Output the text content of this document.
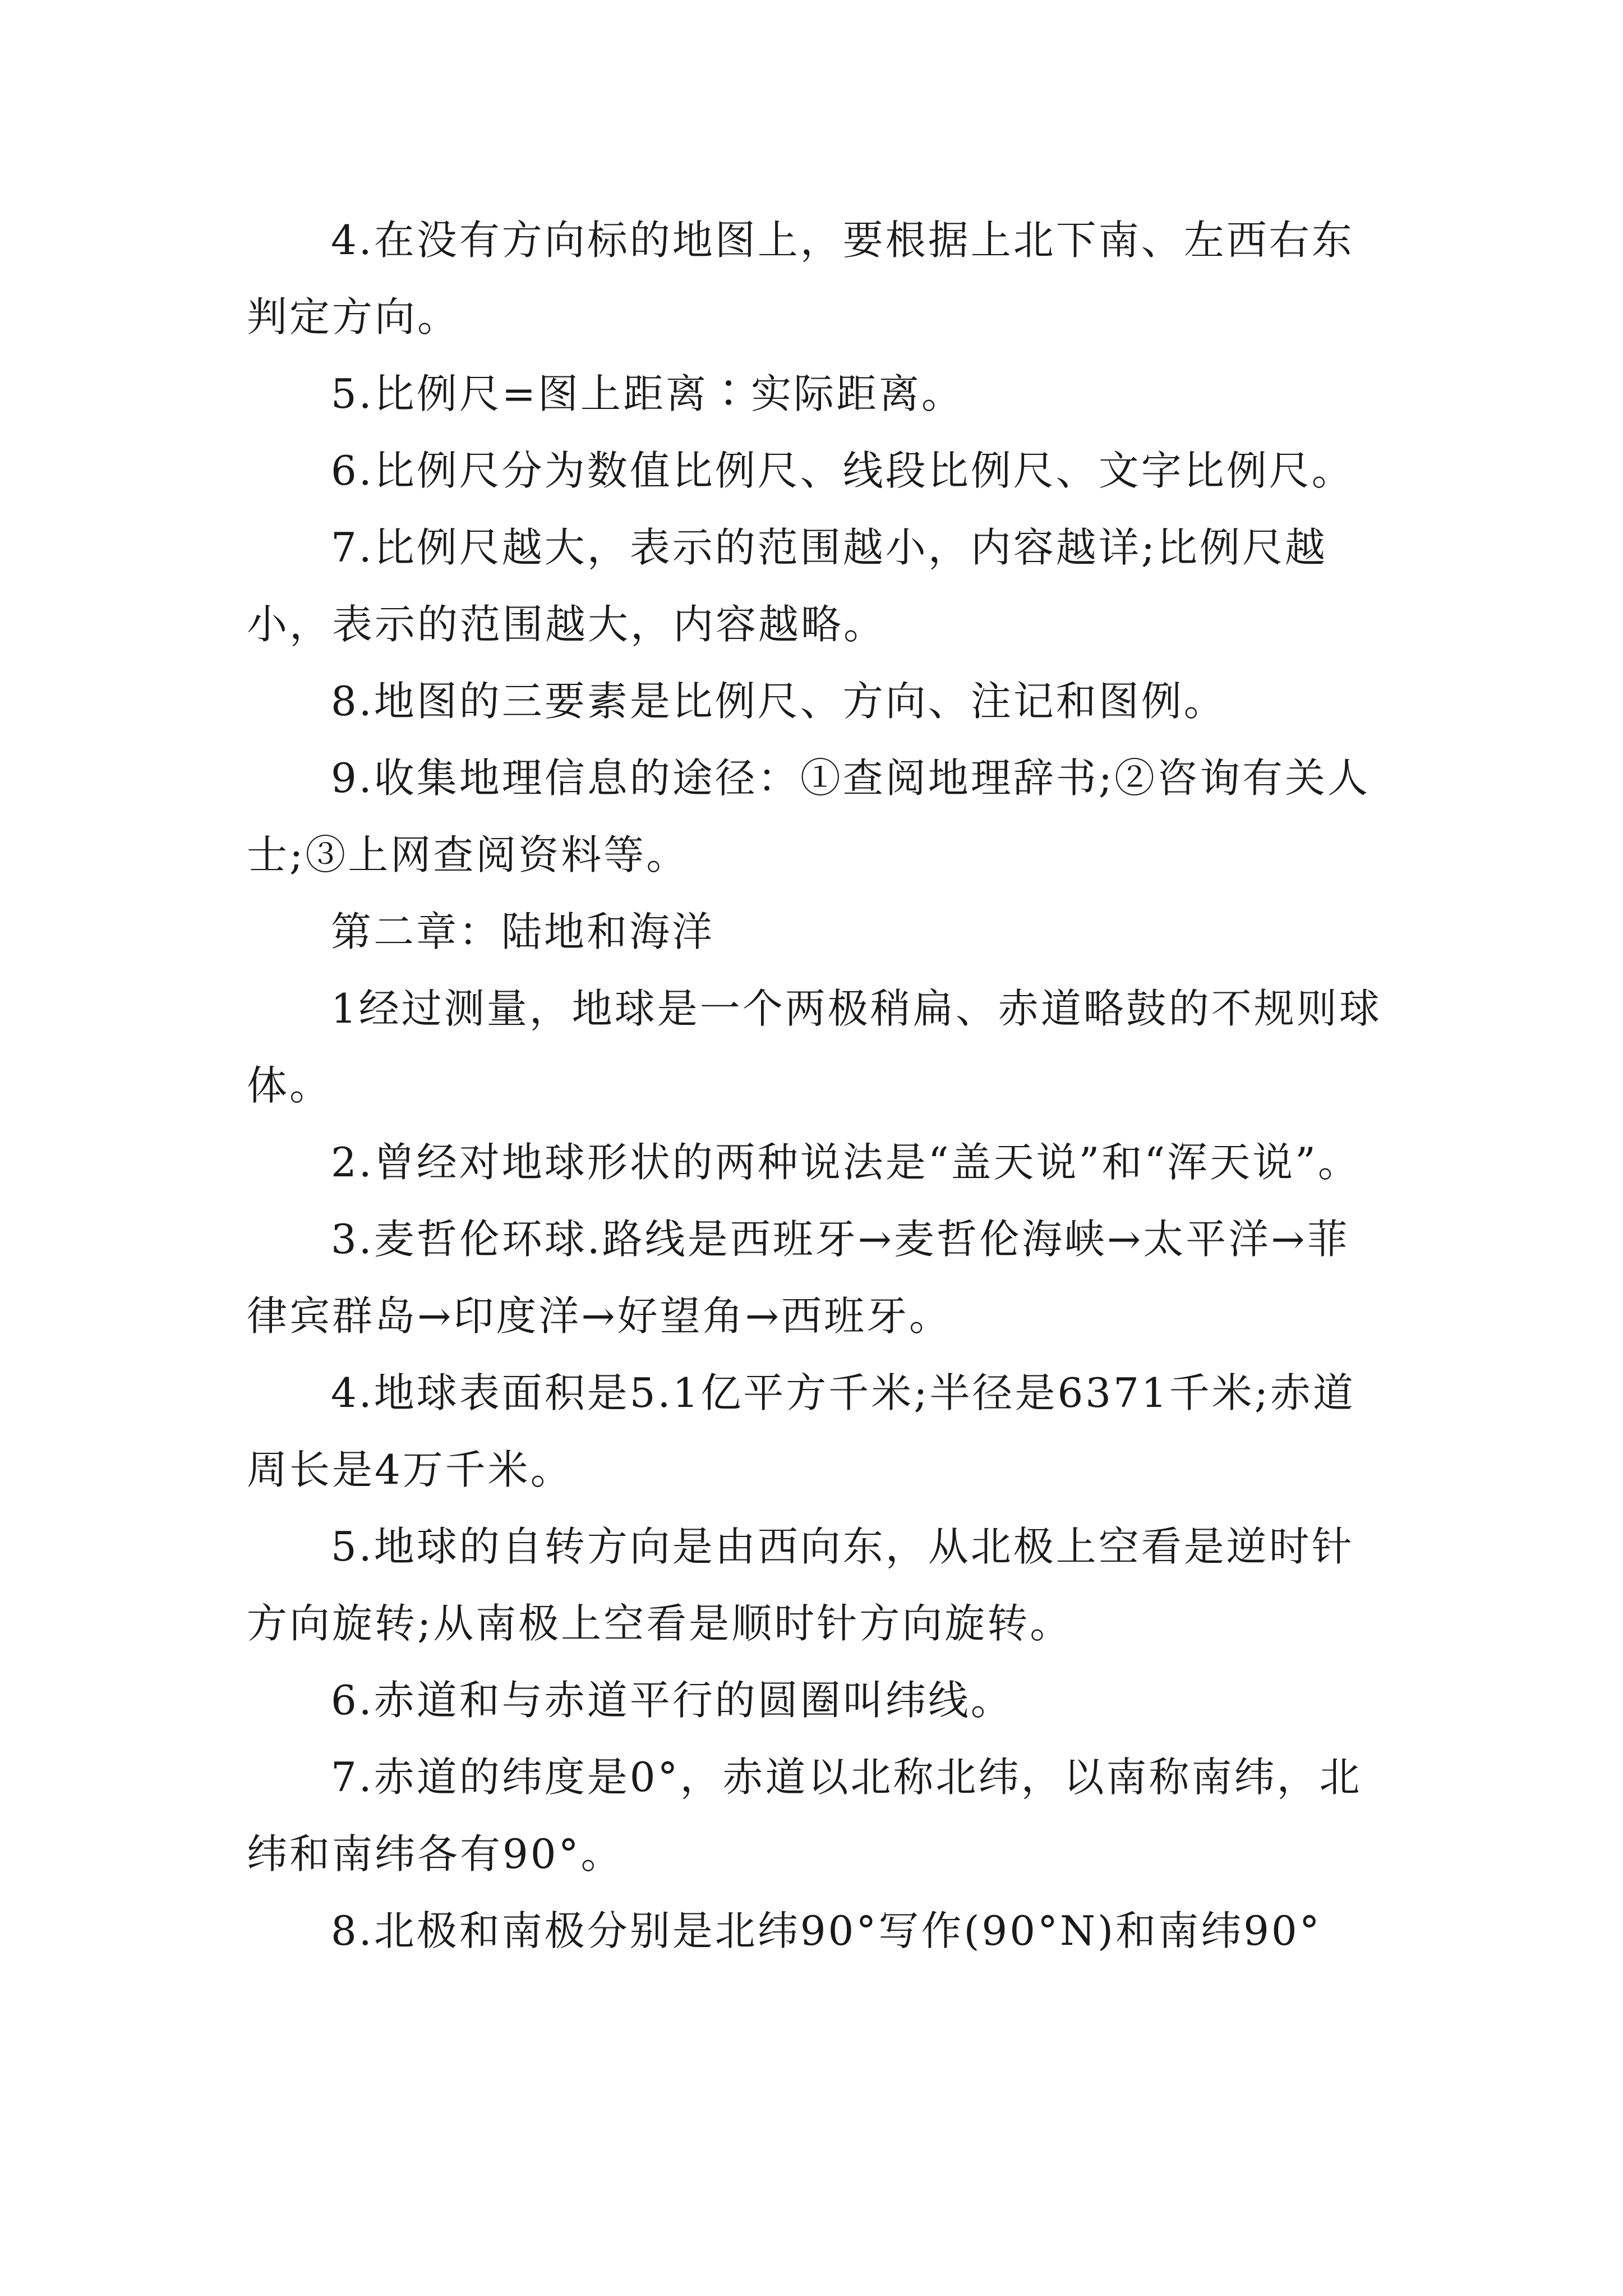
4.在没有方向标的地图上，要根据上北下南、左西右东判定方向。

5.比例尺=图上距离∶实际距离。

6.比例尺分为数值比例尺、线段比例尺、文字比例尺。

7.比例尺越大，表示的范围越小，内容越详;比例尺越小，表示的范围越大，内容越略。

8.地图的三要素是比例尺、方向、注记和图例。

9.收集地理信息的途径：①查阅地理辞书;②咨询有关人士;③上网查阅资料等。

第二章：陆地和海洋

1经过测量，地球是一个两极稍扁、赤道略鼓的不规则球体。

2.曾经对地球形状的两种说法是“盖天说”和“浑天说”。

3.麦哲伦环球.路线是西班牙→麦哲伦海峡→太平洋→菲律宾群岛→印度洋→好望角→西班牙。

4.地球表面积是5.1亿平方千米;半径是6371千米;赤道周长是4万千米。

5.地球的自转方向是由西向东，从北极上空看是逆时针方向旋转;从南极上空看是顺时针方向旋转。

6.赤道和与赤道平行的圆圈叫纬线。

7.赤道的纬度是0°，赤道以北称北纬，以南称南纬，北纬和南纬各有90°。

8.北极和南极分别是北纬90°写作(90°N)和南纬90°
